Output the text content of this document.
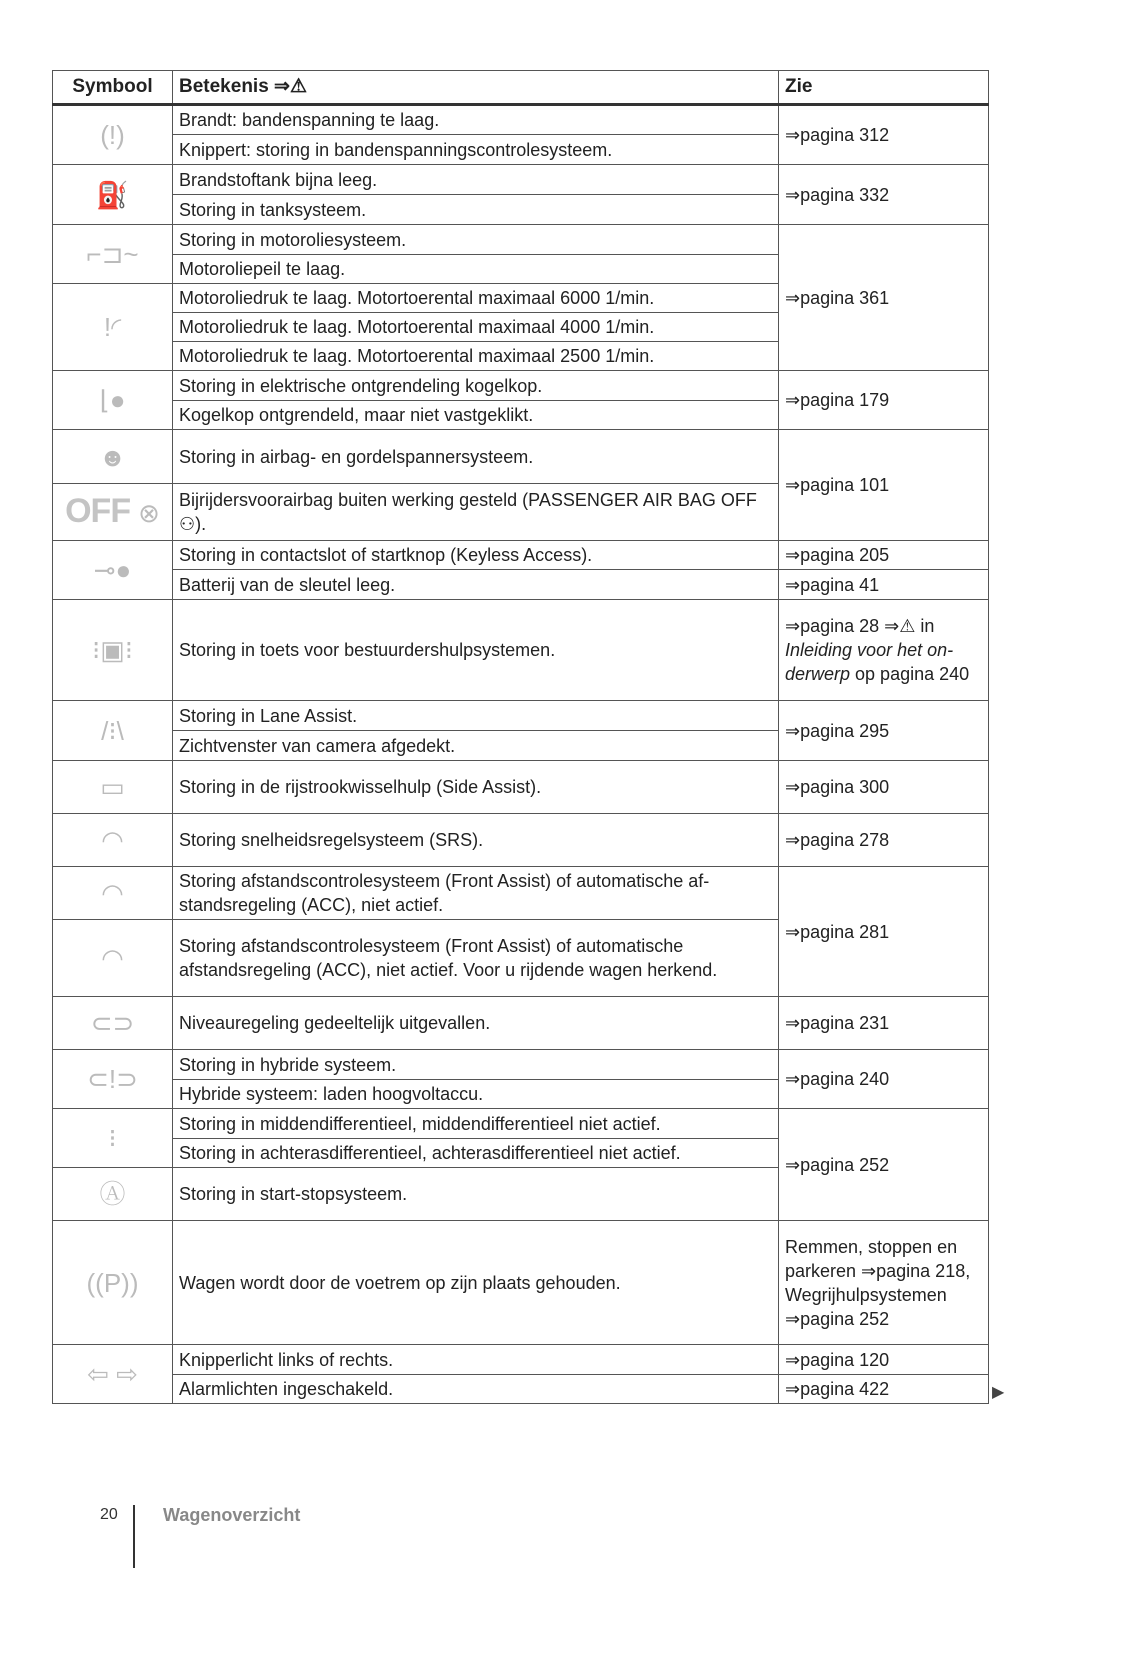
Symbool	Betekenis ⇒⚠	Zie
(!)	Brandt: bandenspanning te laag.	⇒pagina 312
	Knippert: storing in bandenspanningscontrolesysteem.	
⛽	Brandstoftank bijna leeg.	⇒pagina 332
	Storing in tanksysteem.	
⌐⊐~	Storing in motoroliesysteem.	⇒pagina 361
	Motoroliepeil te laag.	
!◜	Motoroliedruk te laag. Motortoerental maximaal 6000 1/min.	
	Motoroliedruk te laag. Motortoerental maximaal 4000 1/min.	
	Motoroliedruk te laag. Motortoerental maximaal 2500 1/min.	
⌊●	Storing in elektrische ontgrendeling kogelkop.	⇒pagina 179
	Kogelkop ontgrendeld, maar niet vastgeklikt.	
☻	Storing in airbag- en gordelspannersysteem.	⇒pagina 101
OFF ⊗	Bijrijdersvoorairbag buiten werking gesteld (PASSENGER AIR BAG OFF ⚇).	
⊸●	Storing in contactslot of startknop (Keyless Access).	⇒pagina 205
	Batterij van de sleutel leeg.	⇒pagina 41
⁝▣⁝	Storing in toets voor bestuurdershulpsystemen.	⇒pagina 28 ⇒⚠ in Inleiding voor het on-derwerp op pagina 240
/⁝\	Storing in Lane Assist.	⇒pagina 295
	Zichtvenster van camera afgedekt.	
▭	Storing in de rijstrookwisselhulp (Side Assist).	⇒pagina 300
◠	Storing snelheidsregelsysteem (SRS).	⇒pagina 278
◠	Storing afstandscontrolesysteem (Front Assist) of automatische af-standsregeling (ACC), niet actief.	⇒pagina 281
◠	Storing afstandscontrolesysteem (Front Assist) of automatische afstandsregeling (ACC), niet actief. Voor u rijdende wagen herkend.	
⊂⊃	Niveauregeling gedeeltelijk uitgevallen.	⇒pagina 231
⊂!⊃	Storing in hybride systeem.	⇒pagina 240
	Hybride systeem: laden hoogvoltaccu.	
⁝	Storing in middendifferentieel, middendifferentieel niet actief.	⇒pagina 252
	Storing in achterasdifferentieel, achterasdifferentieel niet actief.	
Ⓐ	Storing in start-stopsysteem.	
((P))	Wagen wordt door de voetrem op zijn plaats gehouden.	Remmen, stoppen en parkeren ⇒pagina 218, Wegrijhulpsystemen ⇒pagina 252
⇦ ⇨	Knipperlicht links of rechts.	⇒pagina 120
	Alarmlichten ingeschakeld.	⇒pagina 422	▶
20	Wagenoverzicht
